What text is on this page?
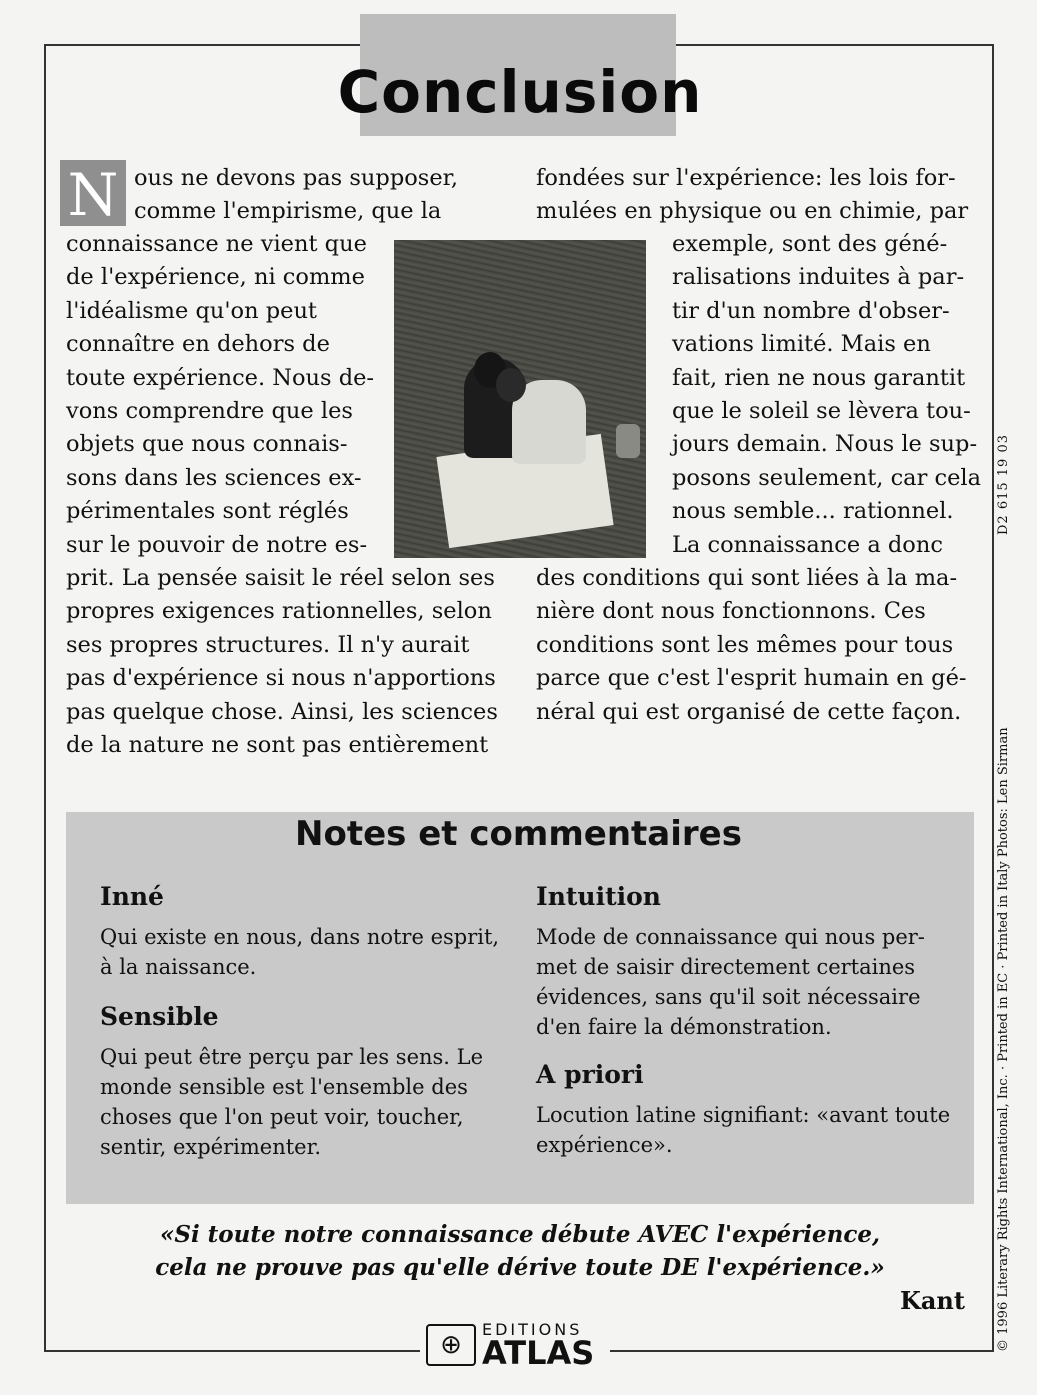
Conclusion
N ous ne devons pas supposer,
comme l'empirisme, que la
connaissance ne vient que
de l'expérience, ni comme
l'idéalisme qu'on peut
connaître en dehors de
toute expérience. Nous de-
vons comprendre que les
objets que nous connais-
sons dans les sciences ex-
périmentales sont réglés
sur le pouvoir de notre es-
prit. La pensée saisit le réel selon ses
propres exigences rationnelles, selon
ses propres structures. Il n'y aurait
pas d'expérience si nous n'apportions
pas quelque chose. Ainsi, les sciences
de la nature ne sont pas entièrement
fondées sur l'expérience: les lois for-
mulées en physique ou en chimie, par
exemple, sont des géné-
ralisations induites à par-
tir d'un nombre d'obser-
vations limité. Mais en
fait, rien ne nous garantit
que le soleil se lèvera tou-
jours demain. Nous le sup-
posons seulement, car cela
nous semble... rationnel.
La connaissance a donc
des conditions qui sont liées à la ma-
nière dont nous fonctionnons. Ces
conditions sont les mêmes pour tous
parce que c'est l'esprit humain en gé-
néral qui est organisé de cette façon.
Notes et commentaires
Inné
Qui existe en nous, dans notre esprit,
à la naissance.
Sensible
Qui peut être perçu par les sens. Le
monde sensible est l'ensemble des
choses que l'on peut voir, toucher,
sentir, expérimenter.
Intuition
Mode de connaissance qui nous per-
met de saisir directement certaines
évidences, sans qu'il soit nécessaire
d'en faire la démonstration.
A priori
Locution latine signifiant: «avant toute
expérience».
«Si toute notre connaissance débute AVEC l'expérience,
cela ne prouve pas qu'elle dérive toute DE l'expérience.»
Kant
⊕
EDITIONS
ATLAS
© 1996 Literary Rights International, Inc. · Printed in EC · Printed in Italy Photos: Len Sirman
D2 615 19 03
